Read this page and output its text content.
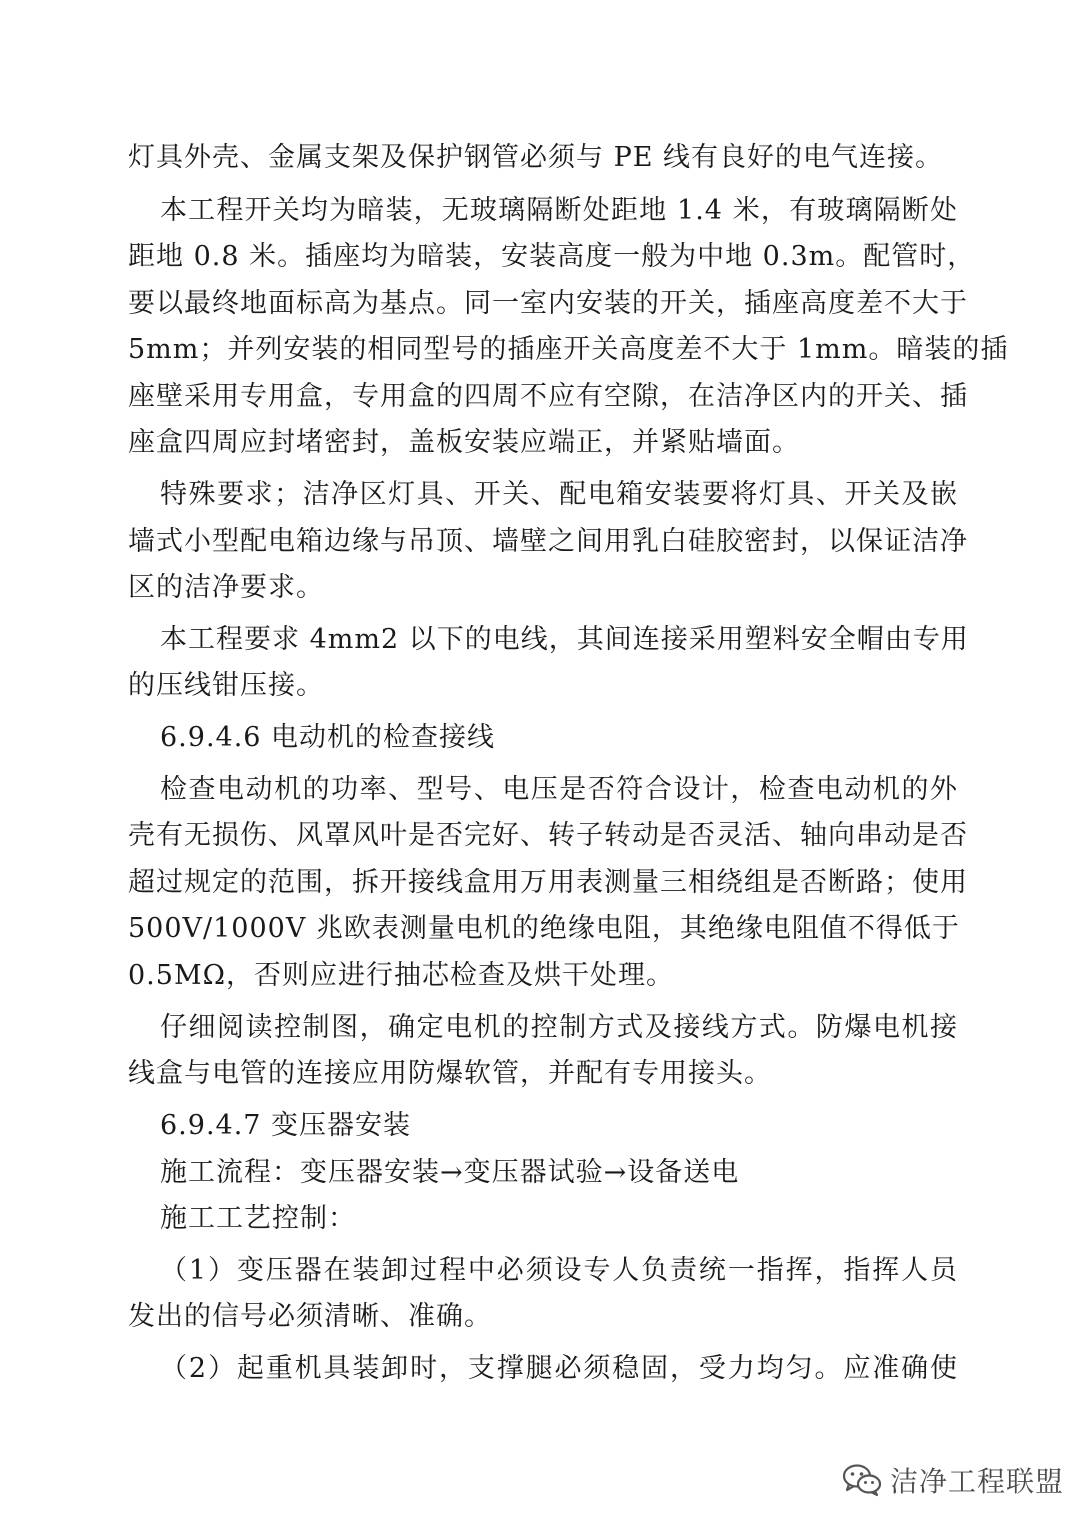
灯具外壳、金属支架及保护钢管必须与 PE 线有良好的电气连接。
本工程开关均为暗装，无玻璃隔断处距地 1.4 米，有玻璃隔断处
距地 0.8 米。插座均为暗装，安装高度一般为中地 0.3m。配管时，
要以最终地面标高为基点。同一室内安装的开关，插座高度差不大于
5mm；并列安装的相同型号的插座开关高度差不大于 1mm。暗装的插
座壁采用专用盒，专用盒的四周不应有空隙，在洁净区内的开关、插
座盒四周应封堵密封，盖板安装应端正，并紧贴墙面。
特殊要求；洁净区灯具、开关、配电箱安装要将灯具、开关及嵌
墙式小型配电箱边缘与吊顶、墙壁之间用乳白硅胶密封，以保证洁净
区的洁净要求。
本工程要求 4mm2 以下的电线，其间连接采用塑料安全帽由专用
的压线钳压接。
6.9.4.6 电动机的检查接线
检查电动机的功率、型号、电压是否符合设计，检查电动机的外
壳有无损伤、风罩风叶是否完好、转子转动是否灵活、轴向串动是否
超过规定的范围，拆开接线盒用万用表测量三相绕组是否断路；使用
500V/1000V 兆欧表测量电机的绝缘电阻，其绝缘电阻值不得低于
0.5MΩ，否则应进行抽芯检查及烘干处理。
仔细阅读控制图，确定电机的控制方式及接线方式。防爆电机接
线盒与电管的连接应用防爆软管，并配有专用接头。
6.9.4.7 变压器安装
施工流程：变压器安装→变压器试验→设备送电
施工工艺控制：
（1）变压器在装卸过程中必须设专人负责统一指挥，指挥人员
发出的信号必须清晰、准确。
（2）起重机具装卸时，支撑腿必须稳固，受力均匀。应准确使
洁净工程联盟
